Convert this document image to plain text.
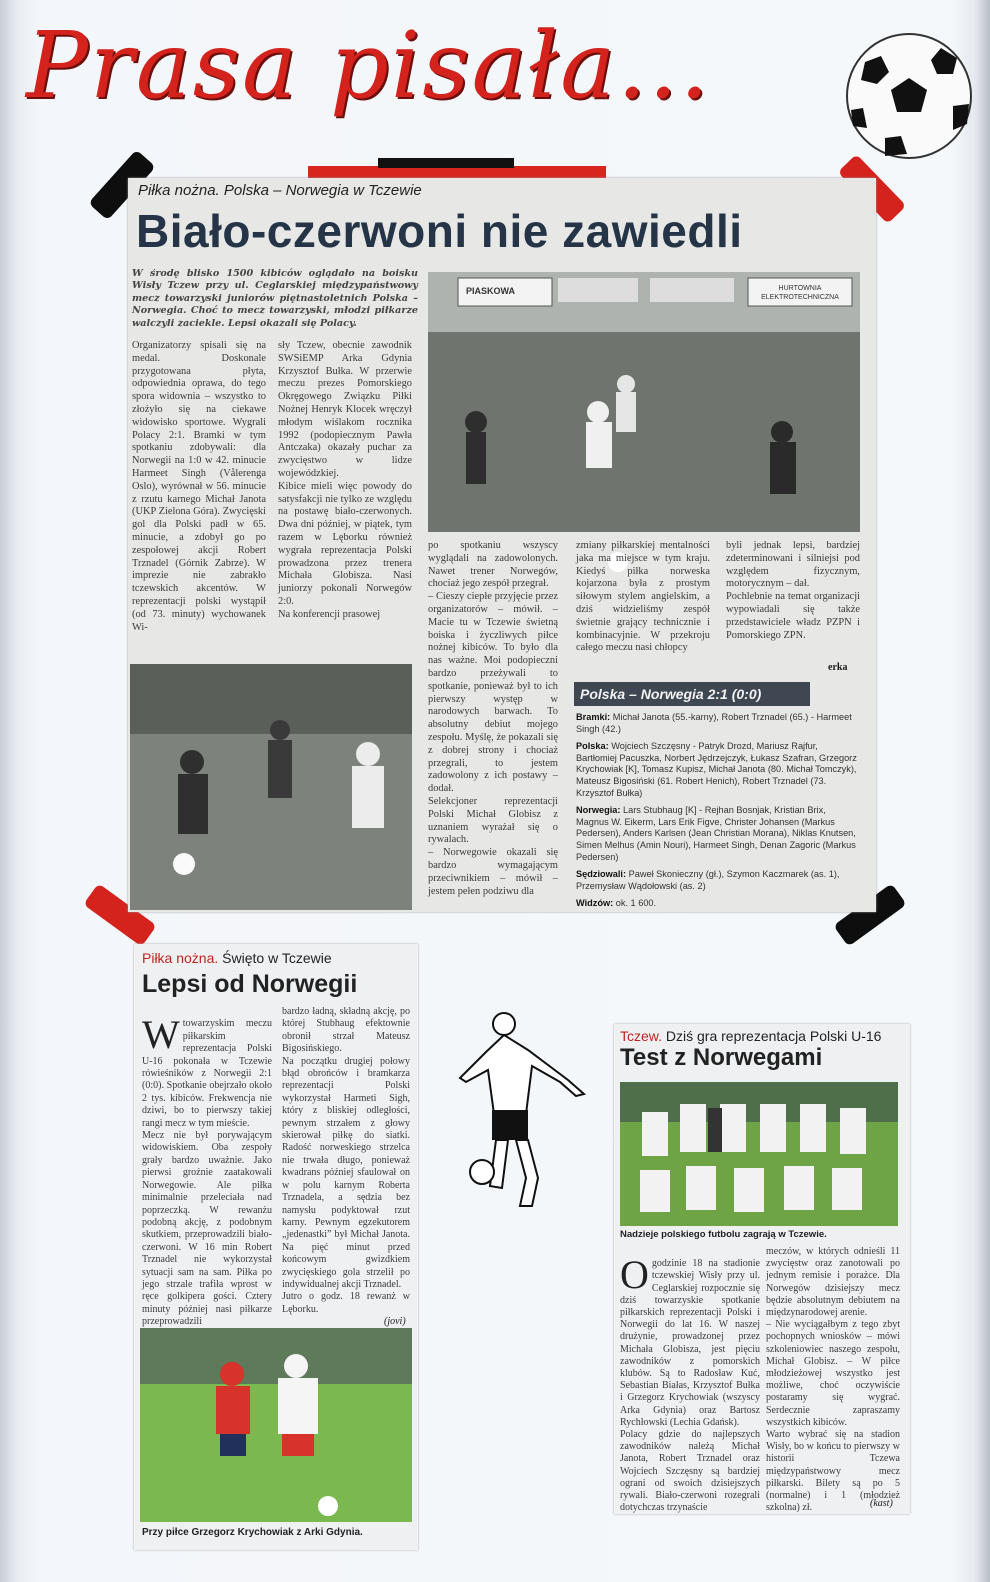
Prasa pisała...
Piłka nożna. Polska – Norwegia w Tczewie
Biało-czerwoni nie zawiedli
W środę blisko 1500 kibiców oglądało na boisku Wisły Tczew przy ul. Ceglarskiej międzypaństwowy mecz towarzyski juniorów piętnastoletnich Polska – Norwegia. Choć to mecz towarzyski, młodzi piłkarze walczyli zaciekle. Lepsi okazali się Polacy.
PIASKOWA	HURTOWNIA ELEKTROTECHNICZNA
Organizatorzy spisali się na medal. Doskonale przygotowana płyta, odpowiednia oprawa, do tego spora widownia – wszystko to złożyło się na ciekawe widowisko sportowe. Wygrali Polacy 2:1. Bramki w tym spotkaniu zdobywali: dla Norwegii na 1:0 w 42. minucie Harmeet Singh (Vålerenga Oslo), wyrównał w 56. minucie z rzutu karnego Michał Janota (UKP Zielona Góra). Zwycięski gol dla Polski padł w 65. minucie, a zdobył go po zespołowej akcji Robert Trznadel (Górnik Zabrze). W imprezie nie zabrakło tczewskich akcentów. W reprezentacji polski wystąpił (od 73. minuty) wychowanek Wi-
sły Tczew, obecnie zawodnik SWSiEMP Arka Gdynia Krzysztof Bułka. W przerwie meczu prezes Pomorskiego Okręgowego Związku Piłki Nożnej Henryk Klocek wręczył młodym wiślakom rocznika 1992 (podopiecznym Pawła Antczaka) okazały puchar za zwycięstwo w lidze wojewódzkiej.
Kibice mieli więc powody do satysfakcji nie tylko ze względu na postawę biało-czerwonych. Dwa dni później, w piątek, tym razem w Lęborku również wygrała reprezentacja Polski prowadzona przez trenera Michała Globisza. Nasi juniorzy pokonali Norwegów 2:0.
Na konferencji prasowej
po spotkaniu wszyscy wyglądali na zadowolonych. Nawet trener Norwegów, chociaż jego zespół przegrał.
– Cieszy ciepłe przyjęcie przez organizatorów – mówił. – Macie tu w Tczewie świetną boiska i życzliwych piłce nożnej kibiców. To było dla nas ważne. Moi podopieczni bardzo przeżywali to spotkanie, ponieważ był to ich pierwszy występ w narodowych barwach. To absolutny debiut mojego zespołu. Myślę, że pokazali się z dobrej strony i chociaż przegrali, to jestem zadowolony z ich postawy – dodał.
Selekcjoner reprezentacji Polski Michał Globisz z uznaniem wyrażał się o rywalach.
– Norwegowie okazali się bardzo wymagającym przeciwnikiem – mówił – jestem pełen podziwu dla
zmiany piłkarskiej mentalności jaka ma miejsce w tym kraju. Kiedyś piłka norweska kojarzona była z prostym siłowym stylem angielskim, a dziś widzieliśmy zespół świetnie grający technicznie i kombinacyjnie. W przekroju całego meczu nasi chłopcy
byli jednak lepsi, bardziej zdeterminowani i silniejsi pod względem fizycznym, motorycznym – dał.
Pochlebnie na temat organizacji wypowiadali się także przedstawiciele władz PZPN i Pomorskiego ZPN.
erka
Polska – Norwegia 2:1 (0:0)

Bramki: Michał Janota (55.-karny), Robert Trznadel (65.) - Harmeet Singh (42.)

Polska: Wojciech Szczęsny - Patryk Drozd, Mariusz Rajfur, Bartłomiej Pacuszka, Norbert Jędrzejczyk, Łukasz Szafran, Grzegorz Krychowiak [K], Tomasz Kupisz, Michał Janota (80. Michał Tomczyk), Mateusz Bigosiński (61. Robert Henich), Robert Trznadel (73. Krzysztof Bułka)

Norwegia: Lars Stubhaug [K] - Rejhan Bosnjak, Kristian Brix, Magnus W. Eikerm, Lars Erik Figve, Christer Johansen (Markus Pedersen), Anders Karlsen (Jean Christian Morana), Niklas Knutsen, Simen Melhus (Amin Nouri), Harmeet Singh, Denan Zagoric (Markus Pedersen)

Sędziowali: Paweł Skonieczny (gł.), Szymon Kaczmarek (as. 1), Przemysław Wądołowski (as. 2)

Widzów: ok. 1 600.

Piłka nożna. Święto w Tczewie
Lepsi od Norwegii

Wtowarzyskim meczu piłkarskim reprezentacja Polski U-16 pokonała w Tczewie rówieśników z Norwegii 2:1 (0:0). Spotkanie obejrzało około 2 tys. kibiców. Frekwencja nie dziwi, bo to pierwszy takiej rangi mecz w tym mieście.
Mecz nie był porywającym widowiskiem. Oba zespoły grały bardzo uważnie. Jako pierwsi groźnie zaatakowali Norwegowie. Ale piłka minimalnie przeleciała nad poprzeczką. W rewanżu podobną akcję, z podobnym skutkiem, przeprowadzili biało-czerwoni. W 16 min Robert Trznadel nie wykorzystał sytuacji sam na sam. Piłka po jego strzale trafiła wprost w ręce golkipera gości. Cztery minuty później nasi piłkarze przeprowadzili

bardzo ładną, składną akcję, po której Stubhaug efektownie obronił strzał Mateusz Bigosińskiego.
Na początku drugiej połowy błąd obrońców i bramkarza reprezentacji Polski wykorzystał Harmeti Sigh, który z bliskiej odległości, pewnym strzałem z głowy skierował piłkę do siatki. Radość norweskiego strzelca nie trwała długo, ponieważ kwadrans później sfaulował on w polu karnym Roberta Trznadela, a sędzia bez namysłu podyktował rzut karny. Pewnym egzekutorem „jedenastki” był Michał Janota. Na pięć minut przed końcowym gwizdkiem zwycięskiego gola strzelił po indywidualnej akcji Trznadel.
Jutro o godz. 18 rewanż w Lęborku.
(jovi)
Przy piłce Grzegorz Krychowiak z Arki Gdynia.
Tczew. Dziś gra reprezentacja Polski U-16
Test z Norwegami
Nadzieje polskiego futbolu zagrają w Tczewie.

Ogodzinie 18 na stadionie tczewskiej Wisły przy ul. Ceglarskiej rozpocznie się dziś towarzyskie spotkanie piłkarskich reprezentacji Polski i Norwegii do lat 16. W naszej drużynie, prowadzonej przez Michała Globisza, jest pięciu zawodników z pomorskich klubów. Są to Radosław Kuć, Sebastian Białas, Krzysztof Bułka i Grzegorz Krychowiak (wszyscy Arka Gdynia) oraz Bartosz Rychłowski (Lechia Gdańsk).
Polacy gdzie do najlepszych zawodników należą Michał Janota, Robert Trznadel oraz Wojciech Szczęsny są bardziej ograni od swoich dzisiejszych rywali. Biało-czerwoni rozegrali dotychczas trzynaście

meczów, w których odnieśli 11 zwycięstw oraz zanotowali po jednym remisie i porażce. Dla Norwegów dzisiejszy mecz będzie absolutnym debiutem na międzynarodowej arenie.
– Nie wyciągałbym z tego zbyt pochopnych wniosków – mówi szkoleniowiec naszego zespołu, Michał Globisz. – W piłce młodzieżowej wszystko jest możliwe, choć oczywiście postaramy się wygrać. Serdecznie zapraszamy wszystkich kibiców.
Warto wybrać się na stadion Wisły, bo w końcu to pierwszy w historii Tczewa międzypaństwowy mecz piłkarski. Bilety są po 5 (normalne) i 1 (młodzież szkolna) zł.	(kast)
